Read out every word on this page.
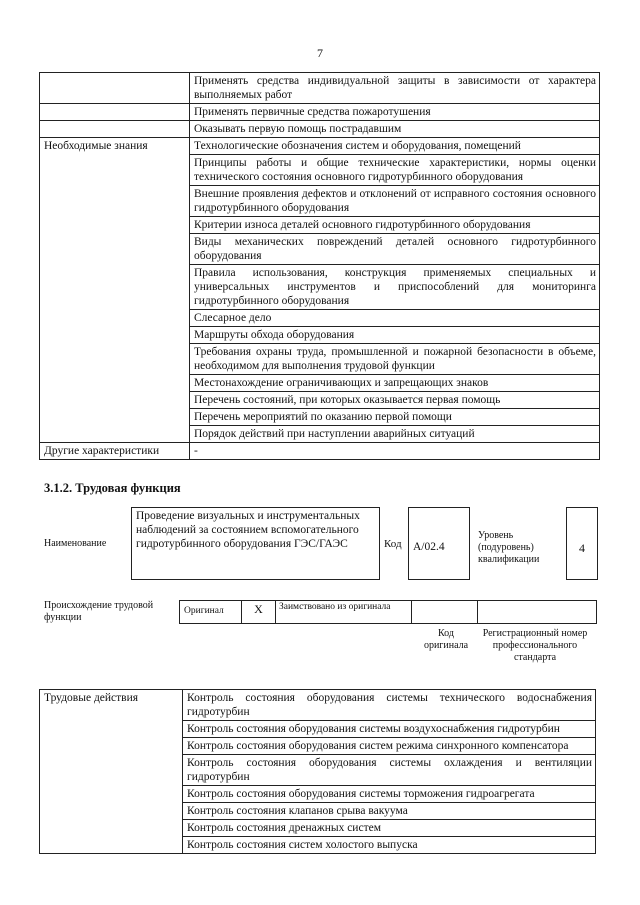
7
	Применять средства индивидуальной защиты в зависимости от характера выполняемых работ
	Применять первичные средства пожаротушения
	Оказывать первую помощь пострадавшим
Необходимые знания	Технологические обозначения систем и оборудования, помещений
	Принципы работы и общие технические характеристики, нормы оценки технического состояния основного гидротурбинного оборудования
	Внешние проявления дефектов и отклонений от исправного состояния основного гидротурбинного оборудования
	Критерии износа деталей основного гидротурбинного оборудования
	Виды механических повреждений деталей основного гидротурбинного оборудования
	Правила использования, конструкция применяемых специальных и универсальных инструментов и приспособлений для мониторинга гидротурбинного оборудования
	Слесарное дело
	Маршруты обхода оборудования
	Требования охраны труда, промышленной и пожарной безопасности в объеме, необходимом для выполнения трудовой функции
	Местонахождение ограничивающих и запрещающих знаков
	Перечень состояний, при которых оказывается первая помощь
	Перечень мероприятий по оказанию первой помощи
	Порядок действий при наступлении аварийных ситуаций
Другие характеристики	-
3.1.2. Трудовая функция
Наименование
Проведение визуальных и инструментальных наблюдений за состоянием вспомогательного гидротурбинного оборудования ГЭС/ГАЭС	Код А/02.4
Уровень (подуровень) квалификации
4
Происхождение трудовой функции
Оригинал	Х	Заимствовано из оригинала
Код оригинала
Регистрационный номер профессионального стандарта
Трудовые действия	Контроль состояния оборудования системы технического водоснабжения гидротурбин
Контроль состояния оборудования системы воздухоснабжения гидротурбин
Контроль состояния оборудования систем режима синхронного компенсатора
Контроль состояния оборудования системы охлаждения и вентиляции гидротурбин
Контроль состояния оборудования системы торможения гидроагрегата
Контроль состояния клапанов срыва вакуума
Контроль состояния дренажных систем
Контроль состояния систем холостого выпуска
